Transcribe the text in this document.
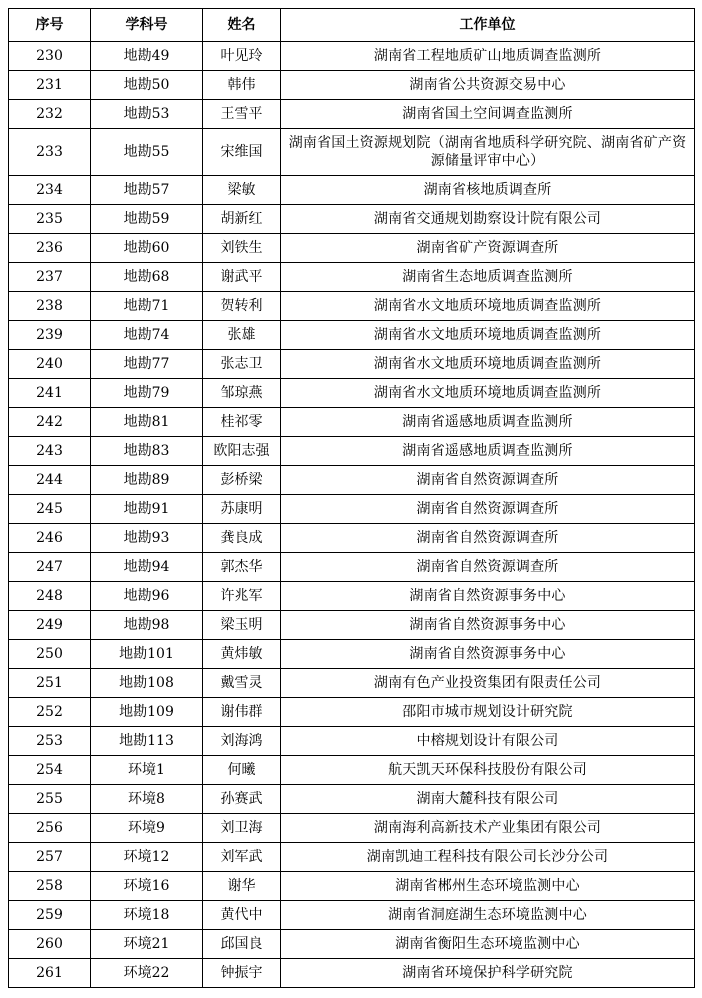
序号	学科号	姓名	工作单位
230	地勘49	叶见玲	湖南省工程地质矿山地质调查监测所
231	地勘50	韩伟	湖南省公共资源交易中心
232	地勘53	王雪平	湖南省国土空间调查监测所
233	地勘55	宋维国	湖南省国土资源规划院（湖南省地质科学研究院、湖南省矿产资源储量评审中心）
234	地勘57	梁敏	湖南省核地质调查所
235	地勘59	胡新红	湖南省交通规划勘察设计院有限公司
236	地勘60	刘铁生	湖南省矿产资源调查所
237	地勘68	谢武平	湖南省生态地质调查监测所
238	地勘71	贺转利	湖南省水文地质环境地质调查监测所
239	地勘74	张雄	湖南省水文地质环境地质调查监测所
240	地勘77	张志卫	湖南省水文地质环境地质调查监测所
241	地勘79	邹琼燕	湖南省水文地质环境地质调查监测所
242	地勘81	桂祁零	湖南省遥感地质调查监测所
243	地勘83	欧阳志强	湖南省遥感地质调查监测所
244	地勘89	彭桥梁	湖南省自然资源调查所
245	地勘91	苏康明	湖南省自然资源调查所
246	地勘93	龚良成	湖南省自然资源调查所
247	地勘94	郭杰华	湖南省自然资源调查所
248	地勘96	许兆军	湖南省自然资源事务中心
249	地勘98	梁玉明	湖南省自然资源事务中心
250	地勘101	黄炜敏	湖南省自然资源事务中心
251	地勘108	戴雪灵	湖南有色产业投资集团有限责任公司
252	地勘109	谢伟群	邵阳市城市规划设计研究院
253	地勘113	刘海鸿	中榕规划设计有限公司
254	环境1	何曦	航天凯天环保科技股份有限公司
255	环境8	孙赛武	湖南大麓科技有限公司
256	环境9	刘卫海	湖南海利高新技术产业集团有限公司
257	环境12	刘军武	湖南凯迪工程科技有限公司长沙分公司
258	环境16	谢华	湖南省郴州生态环境监测中心
259	环境18	黄代中	湖南省洞庭湖生态环境监测中心
260	环境21	邱国良	湖南省衡阳生态环境监测中心
261	环境22	钟振宇	湖南省环境保护科学研究院
